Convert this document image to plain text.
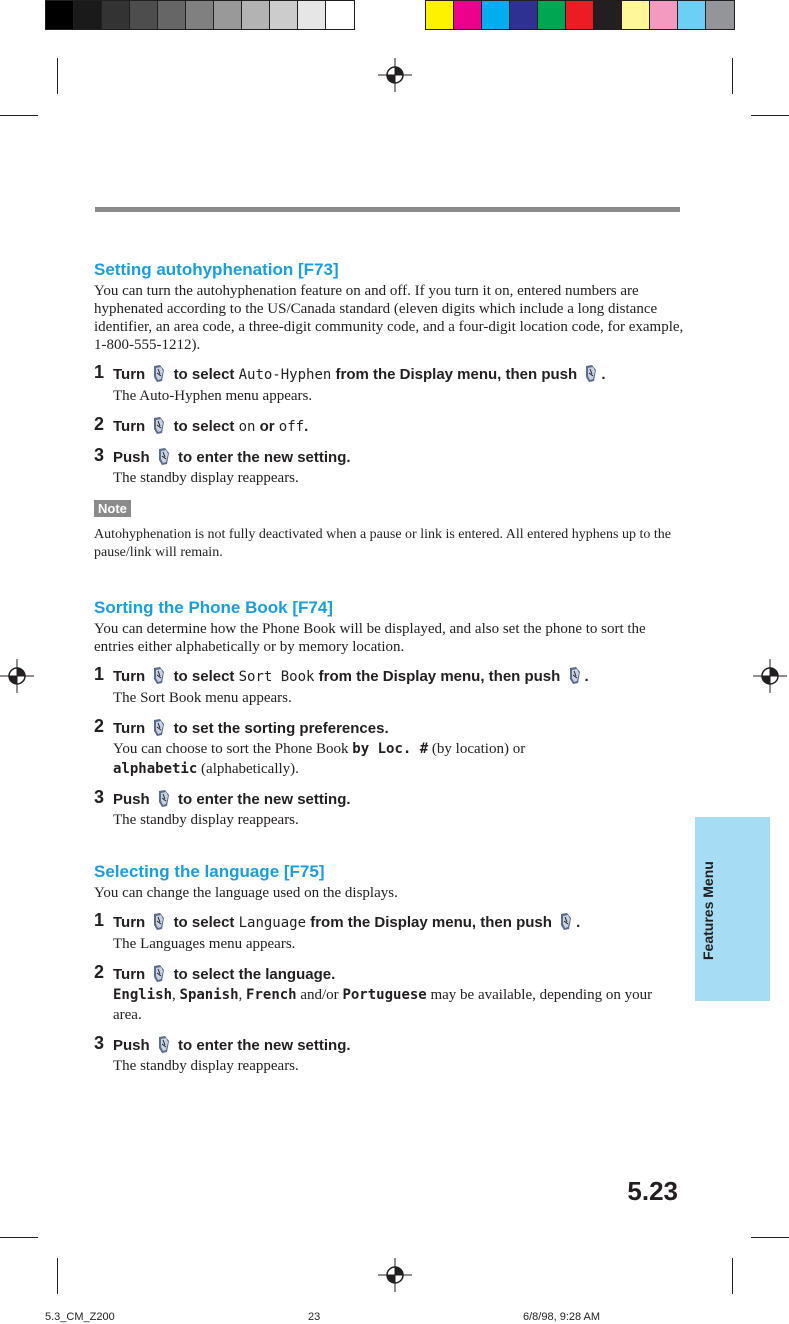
Setting autohyphenation [F73]

You can turn the autohyphenation feature on and off. If you turn it on, entered numbers are hyphenated according to the US/Canada standard (eleven digits which include a long distance identifier, an area code, a three-digit community code, and a four-digit location code, for example, 1-800-555-1212).

1 Turn to select Auto-Hyphen from the Display menu, then push .
The Auto-Hyphen menu appears.
2 Turn to select on or off.
3 Push to enter the new setting.
The standby display reappears.
Note

Autohyphenation is not fully deactivated when a pause or link is entered. All entered hyphens up to the pause/link will remain.

Sorting the Phone Book [F74]

You can determine how the Phone Book will be displayed, and also set the phone to sort the entries either alphabetically or by memory location.

1 Turn to select Sort Book from the Display menu, then push .
The Sort Book menu appears.
2 Turn to set the sorting preferences.
You can choose to sort the Phone Book by Loc. # (by location) or
alphabetic (alphabetically).
3 Push to enter the new setting.
The standby display reappears.
Selecting the language [F75]

You can change the language used on the displays.

1 Turn to select Language from the Display menu, then push .
The Languages menu appears.
2 Turn to select the language.
English, Spanish, French and/or Portuguese may be available, depending on your area.
3 Push to enter the new setting.
The standby display reappears.
Features Menu
5.23
5.3_CM_Z200	23	6/8/98, 9:28 AM
